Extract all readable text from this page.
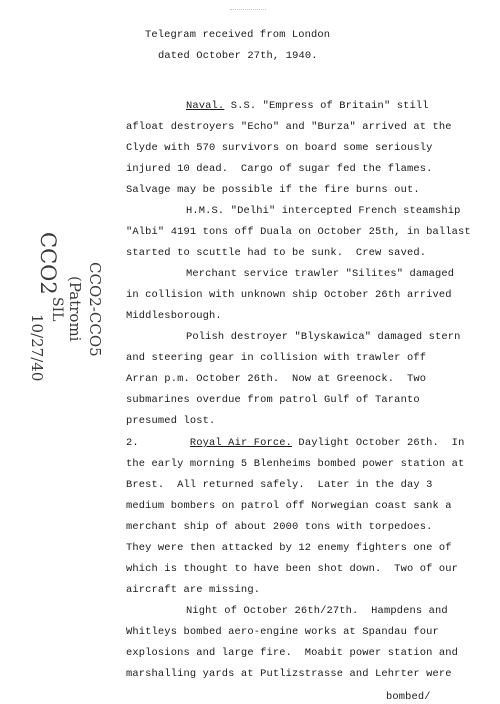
Telegram received from London
dated October 27th, 1940.
Naval. S.S. "Empress of Britain" still
afloat destroyers "Echo" and "Burza" arrived at the
Clyde with 570 survivors on board some seriously
injured 10 dead.  Cargo of sugar fed the flames.
Salvage may be possible if the fire burns out.
H.M.S. "Delhi" intercepted French steamship
"Albi" 4191 tons off Duala on October 25th, in ballast
started to scuttle had to be sunk.  Crew saved.
Merchant service trawler "Silites" damaged
in collision with unknown ship October 26th arrived
Middlesborough.
Polish destroyer "Blyskawica" damaged stern
and steering gear in collision with trawler off
Arran p.m. October 26th.  Now at Greenock.  Two
submarines overdue from patrol Gulf of Taranto
presumed lost.
2.	Royal Air Force. Daylight October 26th.  In
the early morning 5 Blenheims bombed power station at
Brest.  All returned safely.  Later in the day 3
medium bombers on patrol off Norwegian coast sank a
merchant ship of about 2000 tons with torpedoes.
They were then attacked by 12 enemy fighters one of
which is thought to have been shot down.  Two of our
aircraft are missing.
Night of October 26th/27th.  Hampdens and
Whitleys bombed aero-engine works at Spandau four
explosions and large fire.  Moabit power station and
marshalling yards at Putlizstrasse and Lehrter were
bombed/
CCO2 CCO2-CCO5
(Patromi
SIL
10/27/40
